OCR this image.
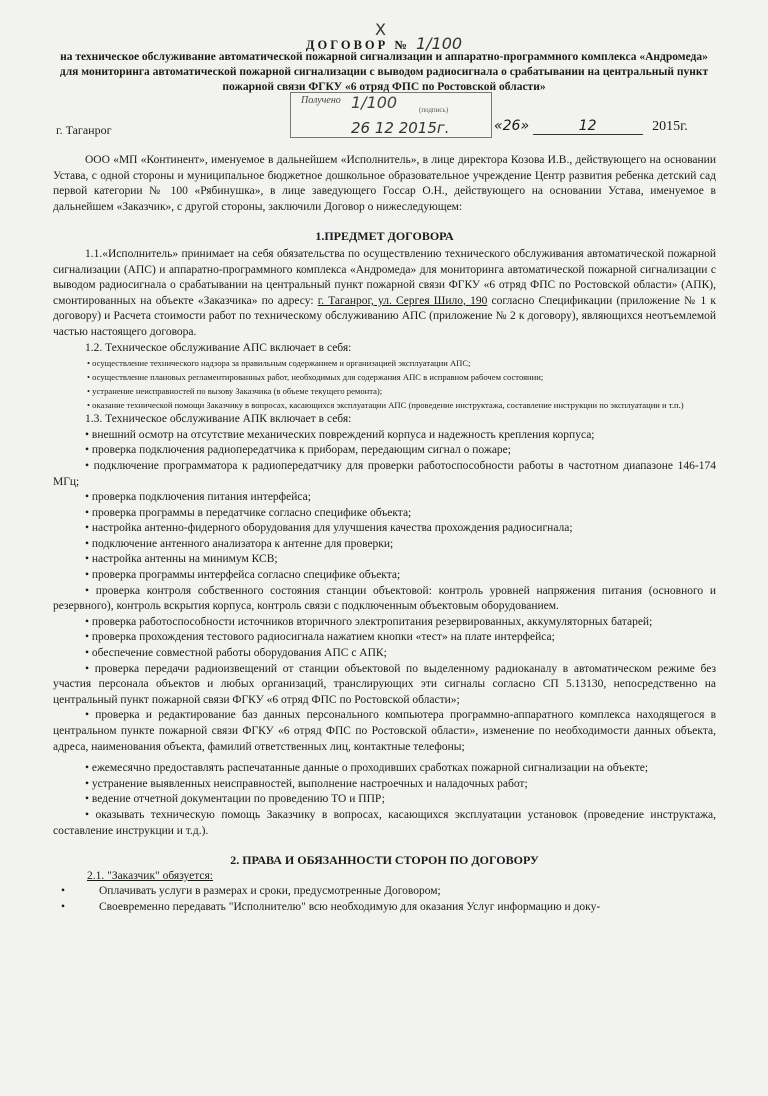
Х
ДОГОВОР № 1/100
на техническое обслуживание автоматической пожарной сигнализации и аппаратно-программного комплекса «Андромеда» для мониторинга автоматической пожарной сигнализации с выводом радиосигнала о срабатывании на центральный пункт пожарной связи ФГКУ «6 отряд ФПС по Ростовской области»
Получено 1/100	(подпись)
26 12 2015г.
г. Таганрог	«26»	12	2015г.

ООО «МП «Континент», именуемое в дальнейшем «Исполнитель», в лице директора Козова И.В., действующего на основании Устава, с одной стороны и муниципальное бюджетное дошкольное образовательное учреждение Центр развития ребенка детский сад первой категории № 100 «Рябинушка», в лице заведующего Госсар О.Н., действующего на основании Устава, именуемое в дальнейшем «Заказчик», с другой стороны, заключили Договор о нижеследующем:

1.ПРЕДМЕТ ДОГОВОРА

1.1.«Исполнитель» принимает на себя обязательства по осуществлению технического обслуживания автоматической пожарной сигнализации (АПС) и аппаратно-программного комплекса «Андромеда» для мониторинга автоматической пожарной сигнализации с выводом радиосигнала о срабатывании на центральный пункт пожарной связи ФГКУ «6 отряд ФПС по Ростовской области» (АПК), смонтированных на объекте «Заказчика» по адресу: г. Таганрог, ул. Сергея Шило, 190 согласно Спецификации (приложение № 1 к договору) и Расчета стоимости работ по техническому обслуживанию АПС (приложение № 2 к договору), являющихся неотъемлемой частью настоящего договора.

1.2. Техническое обслуживание АПС включает в себя:

• осуществление технического надзора за правильным содержанием и организацией эксплуатации АПС;

• осуществление плановых регламентированных работ, необходимых для содержания АПС в исправном рабочем состоянии;

• устранение неисправностей по вызову Заказчика (в объеме текущего ремонта);

• оказание технической помощи Заказчику в вопросах, касающихся эксплуатации АПС (проведение инструктажа, составление инструкции по эксплуатации и т.п.)

1.3. Техническое обслуживание АПК включает в себя:

• внешний осмотр на отсутствие механических повреждений корпуса и надежность крепления корпуса;

• проверка подключения радиопередатчика к приборам, передающим сигнал о пожаре;

• подключение программатора к радиопередатчику для проверки работоспособности работы в частотном диапазоне 146-174 МГц;

• проверка подключения питания интерфейса;

• проверка программы в передатчике согласно специфике объекта;

• настройка антенно-фидерного оборудования для улучшения качества прохождения радиосигнала;

• подключение антенного анализатора к антенне для проверки;

• настройка антенны на минимум КСВ;

• проверка программы интерфейса согласно специфике объекта;

• проверка контроля собственного состояния станции объектовой: контроль уровней напряжения питания (основного и резервного), контроль вскрытия корпуса, контроль связи с подключенным объектовым оборудованием.

• проверка работоспособности источников вторичного электропитания резервированных, аккумуляторных батарей;

• проверка прохождения тестового радиосигнала нажатием кнопки «тест» на плате интерфейса;

• обеспечение совместной работы оборудования АПС с АПК;

• проверка передачи радиоизвещений от станции объектовой по выделенному радиоканалу в автоматическом режиме без участия персонала объектов и любых организаций, транслирующих эти сигналы согласно СП 5.13130, непосредственно на центральный пункт пожарной связи ФГКУ «6 отряд ФПС по Ростовской области»;

• проверка и редактирование баз данных персонального компьютера программно-аппаратного комплекса находящегося в центральном пункте пожарной связи ФГКУ «6 отряд ФПС по Ростовской области», изменение по необходимости данных объекта, адреса, наименования объекта, фамилий ответственных лиц, контактные телефоны;

• ежемесячно предоставлять распечатанные данные о проходивших сработках пожарной сигнализации на объекте;

• устранение выявленных неисправностей, выполнение настроечных и наладочных работ;

• ведение отчетной документации по проведению ТО и ППР;

• оказывать техническую помощь Заказчику в вопросах, касающихся эксплуатации установок (проведение инструктажа, составление инструкции и т.д.).

2. ПРАВА И ОБЯЗАННОСТИ СТОРОН ПО ДОГОВОРУ

2.1. "Заказчик" обязуется:

•	Оплачивать услуги в размерах и сроки, предусмотренные Договором;
•	Своевременно передавать "Исполнителю" всю необходимую для оказания Услуг информацию и доку-
